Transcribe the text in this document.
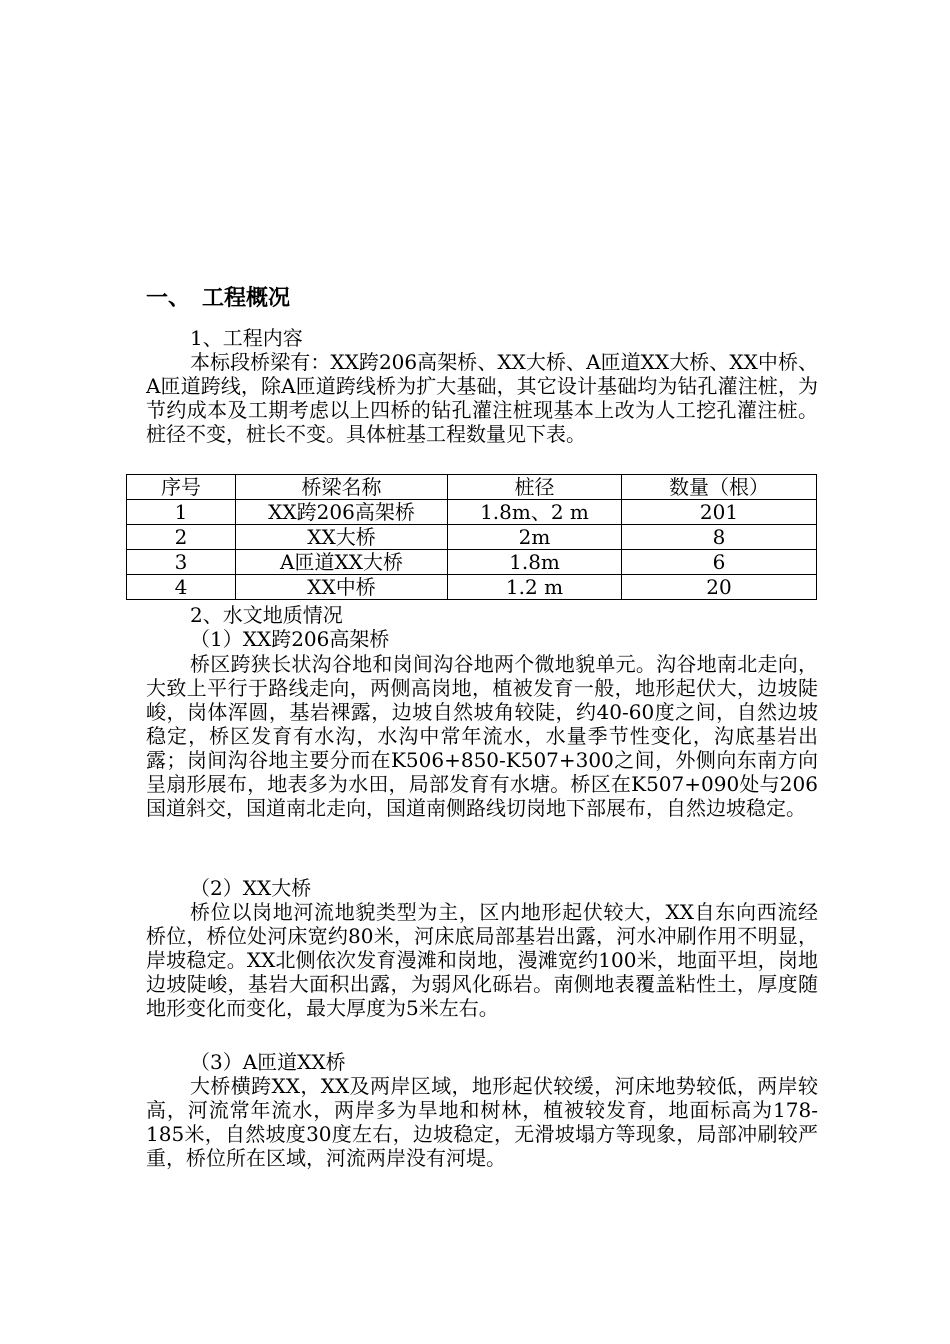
一、 工程概况
1、工程内容
本标段桥梁有：XX跨206高架桥、XX大桥、A匝道XX大桥、XX中桥、A匝道跨线，除A匝道跨线桥为扩大基础，其它设计基础均为钻孔灌注桩，为节约成本及工期考虑以上四桥的钻孔灌注桩现基本上改为人工挖孔灌注桩。桩径不变，桩长不变。具体桩基工程数量见下表。
序号	桥梁名称	桩径	数量（根）
1	XX跨206高架桥	1.8m、2 m	201
2	XX大桥	2m	8
3	A匝道XX大桥	1.8m	6
4	XX中桥	1.2 m	20
2、水文地质情况
（1）XX跨206高架桥
桥区跨狭长状沟谷地和岗间沟谷地两个微地貌单元。沟谷地南北走向，大致上平行于路线走向，两侧高岗地，植被发育一般，地形起伏大，边坡陡峻，岗体浑圆，基岩裸露，边坡自然坡角较陡，约40-60度之间，自然边坡稳定，桥区发育有水沟，水沟中常年流水，水量季节性变化，沟底基岩出露；岗间沟谷地主要分而在K506+850-K507+300之间，外侧向东南方向呈扇形展布，地表多为水田，局部发育有水塘。桥区在K507+090处与206国道斜交，国道南北走向，国道南侧路线切岗地下部展布，自然边坡稳定。
（2）XX大桥
桥位以岗地河流地貌类型为主，区内地形起伏较大，XX自东向西流经桥位，桥位处河床宽约80米，河床底局部基岩出露，河水冲刷作用不明显，岸坡稳定。XX北侧依次发育漫滩和岗地，漫滩宽约100米，地面平坦，岗地边坡陡峻，基岩大面积出露，为弱风化砾岩。南侧地表覆盖粘性土，厚度随地形变化而变化，最大厚度为5米左右。
（3）A匝道XX桥
大桥横跨XX，XX及两岸区域，地形起伏较缓，河床地势较低，两岸较高，河流常年流水，两岸多为旱地和树林，植被较发育，地面标高为178-185米，自然坡度30度左右，边坡稳定，无滑坡塌方等现象，局部冲刷较严重，桥位所在区域，河流两岸没有河堤。
